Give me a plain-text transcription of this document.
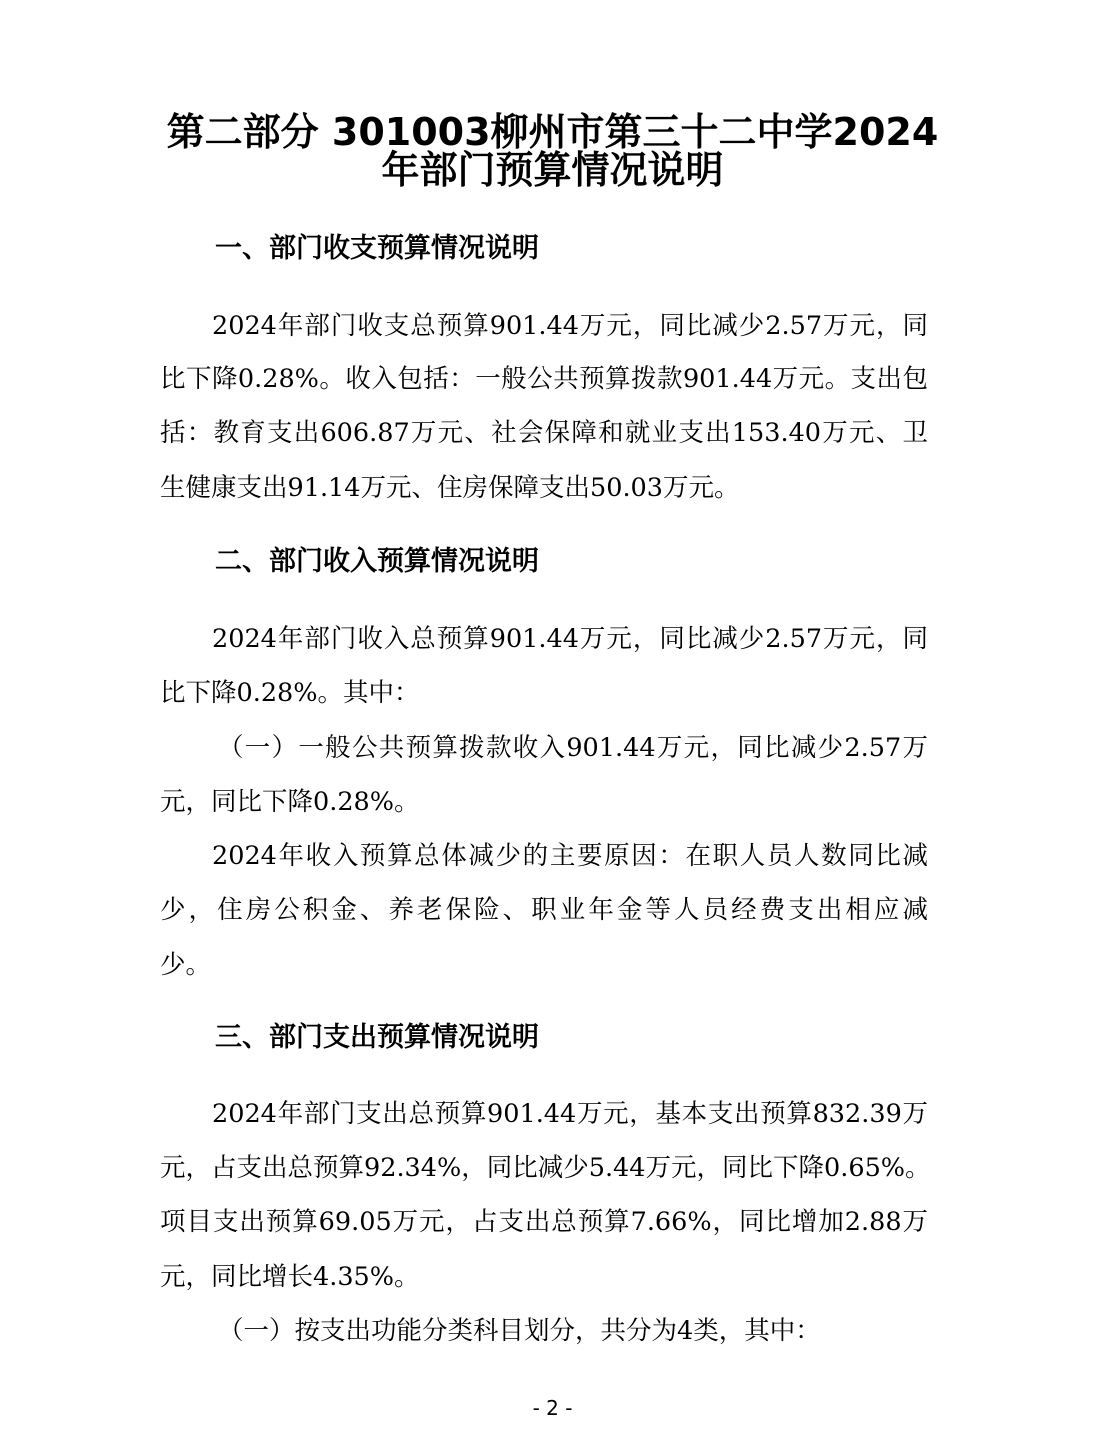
第二部分 301003柳州市第三十二中学2024
年部门预算情况说明
一、部门收支预算情况说明
2024年部门收支总预算901.44万元，同比减少2.57万元，同
比下降0.28%。收入包括：一般公共预算拨款901.44万元。支出包
括：教育支出606.87万元、社会保障和就业支出153.40万元、卫
生健康支出91.14万元、住房保障支出50.03万元。
二、部门收入预算情况说明
2024年部门收入总预算901.44万元，同比减少2.57万元，同
比下降0.28%。其中：
（一）一般公共预算拨款收入901.44万元，同比减少2.57万
元，同比下降0.28%。
2024年收入预算总体减少的主要原因：在职人员人数同比减
少，住房公积金、养老保险、职业年金等人员经费支出相应减
少。
三、部门支出预算情况说明
2024年部门支出总预算901.44万元，基本支出预算832.39万
元，占支出总预算92.34%，同比减少5.44万元，同比下降0.65%。
项目支出预算69.05万元，占支出总预算7.66%，同比增加2.88万
元，同比增长4.35%。
（一）按支出功能分类科目划分，共分为4类，其中：
- 2 -
